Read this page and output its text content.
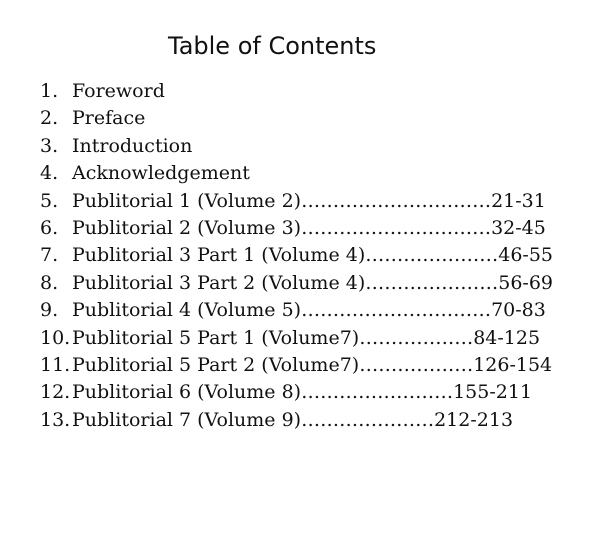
Table of Contents
1. Foreword
2. Preface
3. Introduction
4. Acknowledgement
5. Publitorial 1 (Volume 2)…………………………21-31
6. Publitorial 2 (Volume 3)…………………………32-45
7. Publitorial 3 Part 1 (Volume 4)…………………46-55
8. Publitorial 3 Part 2 (Volume 4)…………………56-69
9. Publitorial 4 (Volume 5)…………………………70-83
10. Publitorial 5 Part 1 (Volume7)………………84-125
11. Publitorial 5 Part 2 (Volume7)………………126-154
12. Publitorial 6 (Volume 8)……………………155-211
13. Publitorial 7 (Volume 9)…………………212-213
